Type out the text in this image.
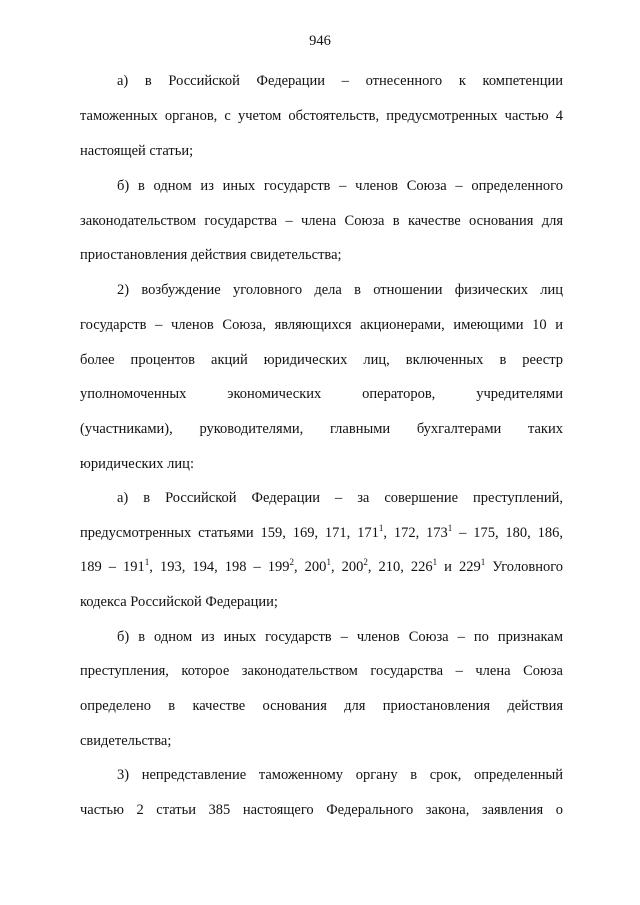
946
а) в Российской Федерации – отнесенного к компетенции
таможенных органов, с учетом обстоятельств, предусмотренных частью 4
настоящей статьи;
б) в одном из иных государств – членов Союза – определенного
законодательством государства – члена Союза в качестве основания для
приостановления действия свидетельства;
2) возбуждение уголовного дела в отношении физических лиц
государств – членов Союза, являющихся акционерами, имеющими 10 и
более процентов акций юридических лиц, включенных в реестр
уполномоченных экономических операторов, учредителями
(участниками), руководителями, главными бухгалтерами таких
юридических лиц:
а) в Российской Федерации – за совершение преступлений,
предусмотренных статьями 159, 169, 171, $171^1$, 172, $173^1 - 175$, 180, 186,
$189 - 191^1$, 193, 194, $198 - 199^2$, $200^1$, $200^2$, 210, $226^1$ и $229^1$ Уголовного
кодекса Российской Федерации;
б) в одном из иных государств – членов Союза – по признакам
преступления, которое законодательством государства – члена Союза
определено в качестве основания для приостановления действия
свидетельства;
3) непредставление таможенному органу в срок, определенный
частью 2 статьи 385 настоящего Федерального закона, заявления о
